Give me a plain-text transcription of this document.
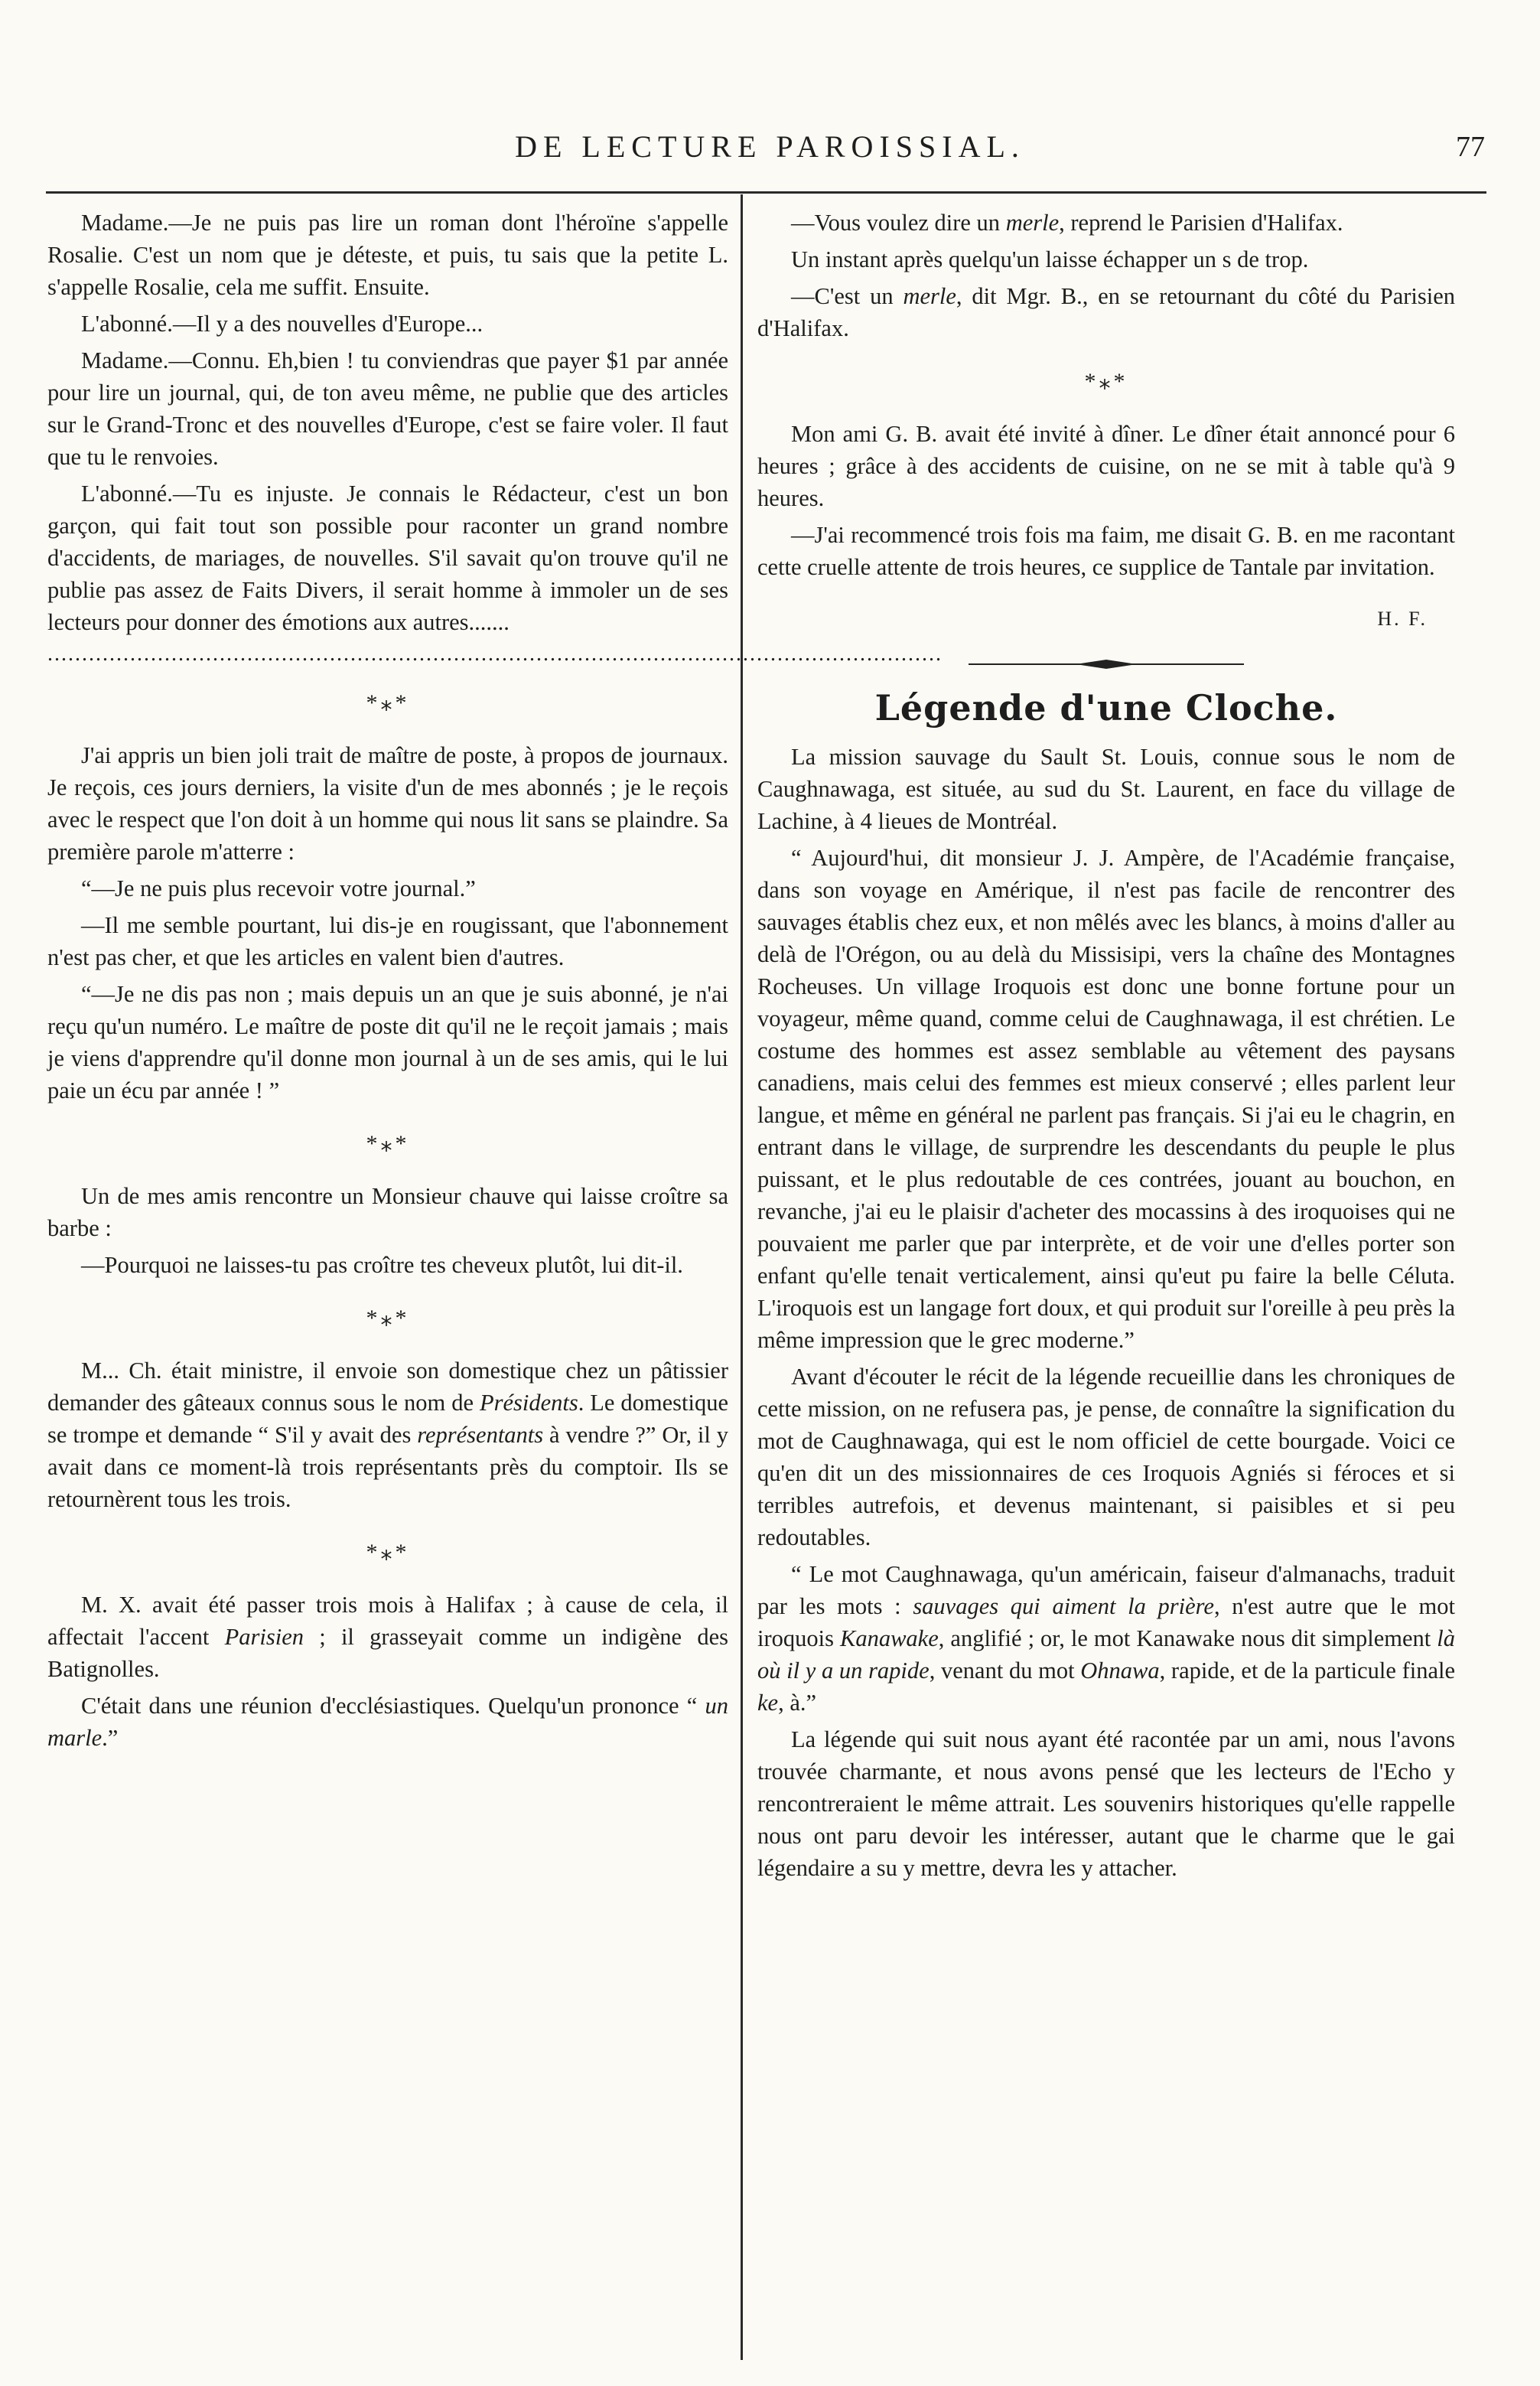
DE LECTURE PAROISSIAL.	77

Madame.—Je ne puis pas lire un roman dont l'héroïne s'appelle Rosalie. C'est un nom que je déteste, et puis, tu sais que la petite L. s'appelle Rosalie, cela me suffit. Ensuite.

L'abonné.—Il y a des nouvelles d'Europe...

Madame.—Connu. Eh,bien ! tu conviendras que payer $1 par année pour lire un journal, qui, de ton aveu même, ne publie que des articles sur le Grand-Tronc et des nouvelles d'Europe, c'est se faire voler. Il faut que tu le renvoies.

L'abonné.—Tu es injuste. Je connais le Rédacteur, c'est un bon garçon, qui fait tout son possible pour raconter un grand nombre d'accidents, de mariages, de nouvelles. S'il savait qu'on trouve qu'il ne publie pas assez de Faits Divers, il serait homme à immoler un de ses lecteurs pour donner des émotions aux autres.......

..................................................................................................................................
*⁎*

J'ai appris un bien joli trait de maître de poste, à propos de journaux. Je reçois, ces jours derniers, la visite d'un de mes abonnés ; je le reçois avec le respect que l'on doit à un homme qui nous lit sans se plaindre. Sa première parole m'atterre :

“—Je ne puis plus recevoir votre journal.”

—Il me semble pourtant, lui dis-je en rougissant, que l'abonnement n'est pas cher, et que les articles en valent bien d'autres.

“—Je ne dis pas non ; mais depuis un an que je suis abonné, je n'ai reçu qu'un numéro. Le maître de poste dit qu'il ne le reçoit jamais ; mais je viens d'apprendre qu'il donne mon journal à un de ses amis, qui le lui paie un écu par année ! ”

*⁎*

Un de mes amis rencontre un Monsieur chauve qui laisse croître sa barbe :

—Pourquoi ne laisses-tu pas croître tes cheveux plutôt, lui dit-il.

*⁎*

M... Ch. était ministre, il envoie son domestique chez un pâtissier demander des gâteaux connus sous le nom de Présidents. Le domestique se trompe et demande “ S'il y avait des représentants à vendre ?” Or, il y avait dans ce moment-là trois représentants près du comptoir. Ils se retournèrent tous les trois.

*⁎*

M. X. avait été passer trois mois à Halifax ; à cause de cela, il affectait l'accent Parisien ; il grasseyait comme un indigène des Batignolles.

C'était dans une réunion d'ecclésiastiques. Quelqu'un prononce “ un marle.”

—Vous voulez dire un merle, reprend le Parisien d'Halifax.

Un instant après quelqu'un laisse échapper un s de trop.

—C'est un merle, dit Mgr. B., en se retournant du côté du Parisien d'Halifax.

*⁎*

Mon ami G. B. avait été invité à dîner. Le dîner était annoncé pour 6 heures ; grâce à des accidents de cuisine, on ne se mit à table qu'à 9 heures.

—J'ai recommencé trois fois ma faim, me disait G. B. en me racontant cette cruelle attente de trois heures, ce supplice de Tantale par invitation.

H. F.
Légende d'une Cloche.

La mission sauvage du Sault St. Louis, connue sous le nom de Caughnawaga, est située, au sud du St. Laurent, en face du village de Lachine, à 4 lieues de Montréal.

“ Aujourd'hui, dit monsieur J. J. Ampère, de l'Académie française, dans son voyage en Amérique, il n'est pas facile de rencontrer des sauvages établis chez eux, et non mêlés avec les blancs, à moins d'aller au delà de l'Orégon, ou au delà du Missisipi, vers la chaîne des Montagnes Rocheuses. Un village Iroquois est donc une bonne fortune pour un voyageur, même quand, comme celui de Caughnawaga, il est chrétien. Le costume des hommes est assez semblable au vêtement des paysans canadiens, mais celui des femmes est mieux conservé ; elles parlent leur langue, et même en général ne parlent pas français. Si j'ai eu le chagrin, en entrant dans le village, de surprendre les descendants du peuple le plus puissant, et le plus redoutable de ces contrées, jouant au bouchon, en revanche, j'ai eu le plaisir d'acheter des mocassins à des iroquoises qui ne pouvaient me parler que par interprète, et de voir une d'elles porter son enfant qu'elle tenait verticalement, ainsi qu'eut pu faire la belle Céluta. L'iroquois est un langage fort doux, et qui produit sur l'oreille à peu près la même impression que le grec moderne.”

Avant d'écouter le récit de la légende recueillie dans les chroniques de cette mission, on ne refusera pas, je pense, de connaître la signification du mot de Caughnawaga, qui est le nom officiel de cette bourgade. Voici ce qu'en dit un des missionnaires de ces Iroquois Agniés si féroces et si terribles autrefois, et devenus maintenant, si paisibles et si peu redoutables.

“ Le mot Caughnawaga, qu'un américain, faiseur d'almanachs, traduit par les mots : sauvages qui aiment la prière, n'est autre que le mot iroquois Kanawake, anglifié ; or, le mot Kanawake nous dit simplement là où il y a un rapide, venant du mot Ohnawa, rapide, et de la particule finale ke, à.”

La légende qui suit nous ayant été racontée par un ami, nous l'avons trouvée charmante, et nous avons pensé que les lecteurs de l'Echo y rencontreraient le même attrait. Les souvenirs historiques qu'elle rappelle nous ont paru devoir les intéresser, autant que le charme que le gai légendaire a su y mettre, devra les y attacher.
